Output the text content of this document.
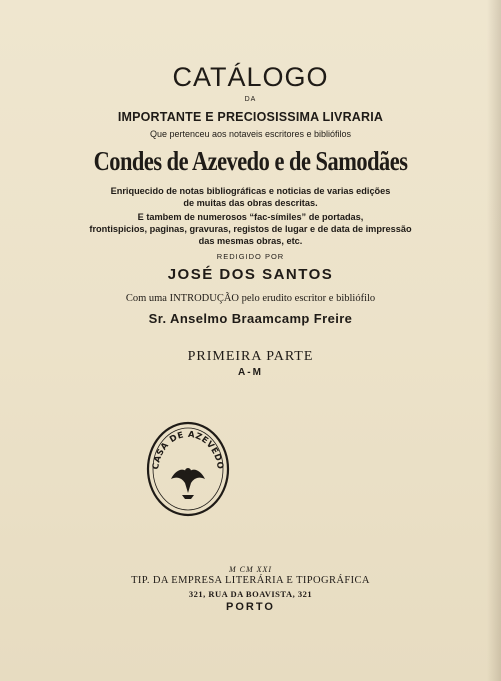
CATÁLOGO
DA
IMPORTANTE E PRECIOSISSIMA LIVRARIA
Que pertenceu aos notaveis escritores e bibliófilos
Condes de Azevedo e de Samodães
Enriquecido de notas bibliográficas e noticias de varias edições
de muitas das obras descritas.
E tambem de numerosos “fac-símiles” de portadas,
frontispicios, paginas, gravuras, registos de lugar e de data de impressão
das mesmas obras, etc.
REDIGIDO POR
JOSÉ DOS SANTOS
Com uma INTRODUÇÃO pelo erudito escritor e bibliófilo
Sr. Anselmo Braamcamp Freire
PRIMEIRA PARTE
A-M
CASA DE AZEVEDO
M CM XXI
TIP. DA EMPRESA LITERÁRIA E TIPOGRÁFICA
321, RUA DA BOAVISTA, 321
PORTO
